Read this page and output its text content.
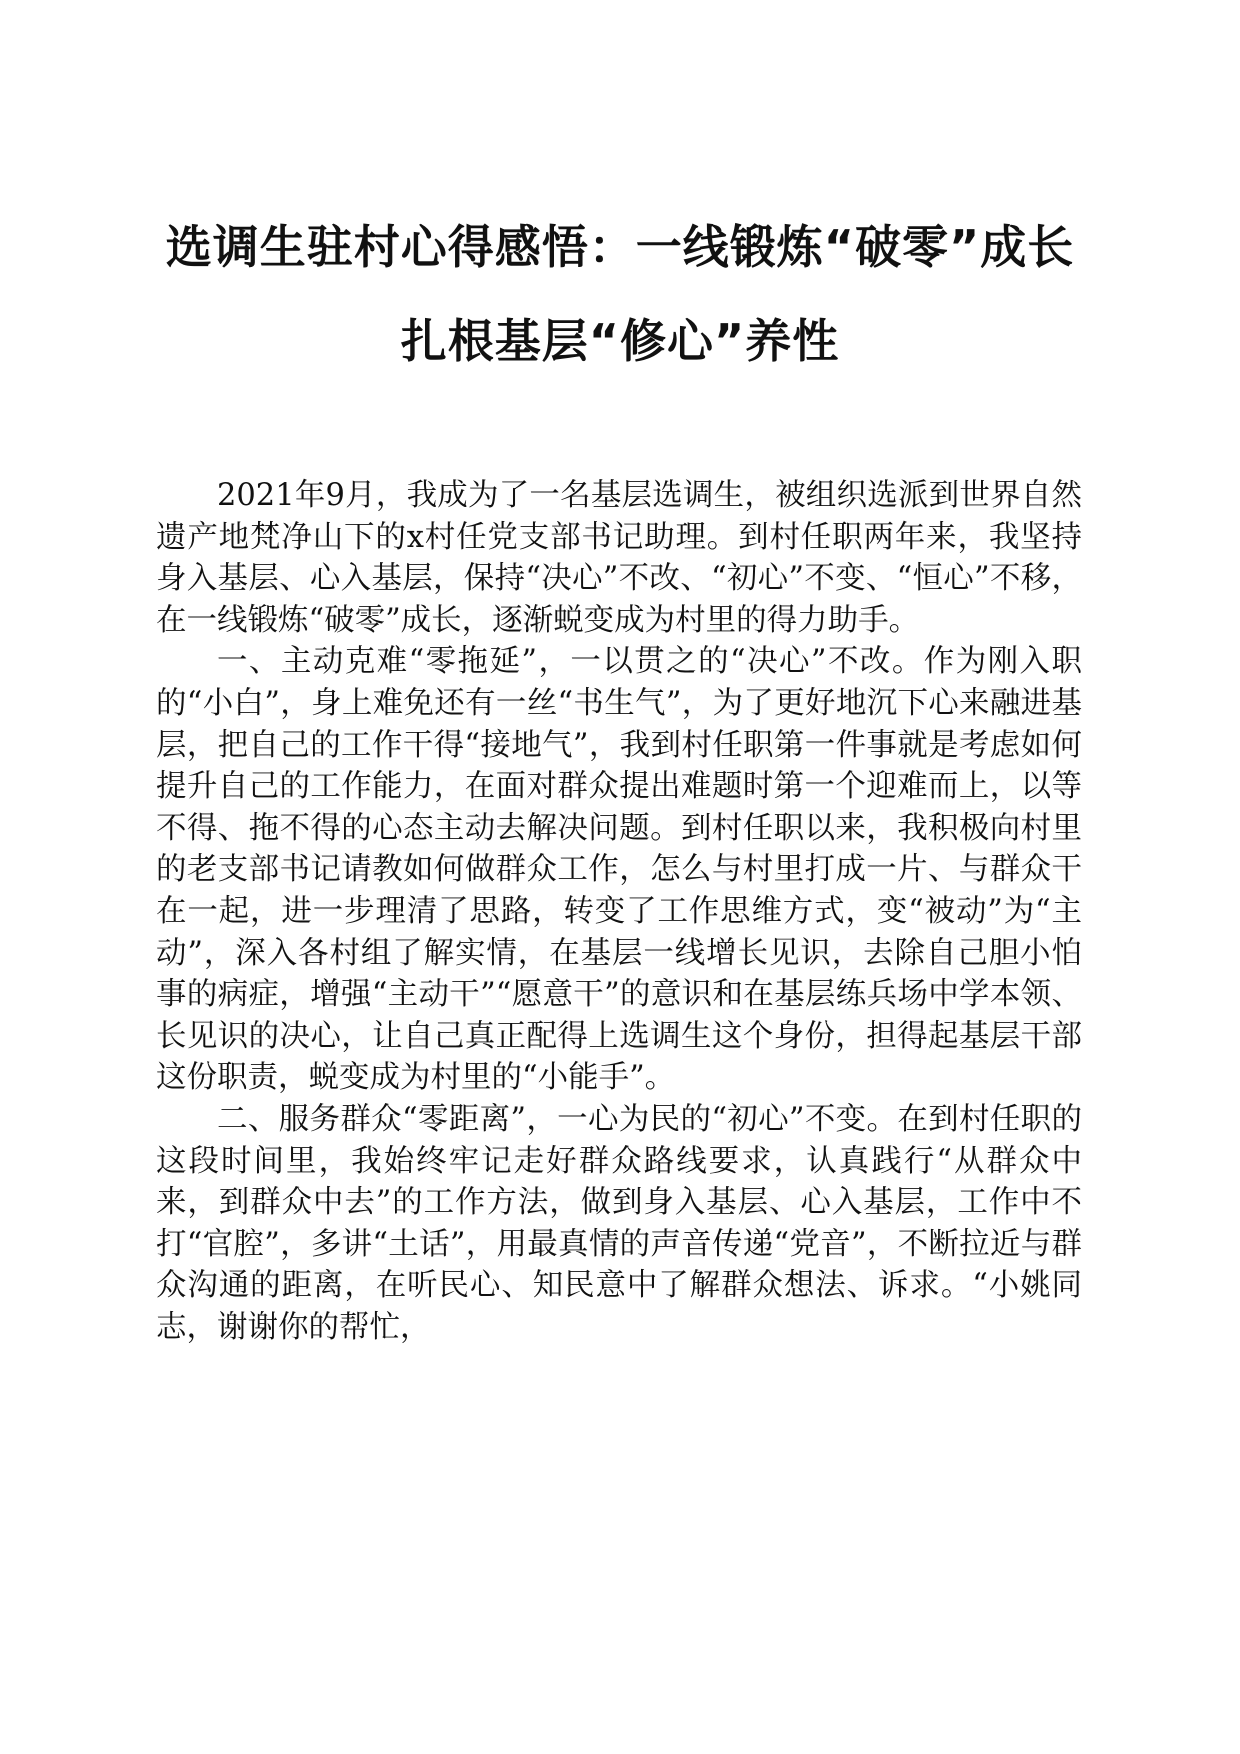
选调生驻村心得感悟：一线锻炼“破零”成长
扎根基层“修心”养性

2021年9月，我成为了一名基层选调生，被组织选派到世界自然遗产地梵净山下的x村任党支部书记助理。到村任职两年来，我坚持身入基层、心入基层，保持“决心”不改、“初心”不变、“恒心”不移，在一线锻炼“破零”成长，逐渐蜕变成为村里的得力助手。

一、主动克难“零拖延”，一以贯之的“决心”不改。作为刚入职的“小白”，身上难免还有一丝“书生气”，为了更好地沉下心来融进基层，把自己的工作干得“接地气”，我到村任职第一件事就是考虑如何提升自己的工作能力，在面对群众提出难题时第一个迎难而上，以等不得、拖不得的心态主动去解决问题。到村任职以来，我积极向村里的老支部书记请教如何做群众工作，怎么与村里打成一片、与群众干在一起，进一步理清了思路，转变了工作思维方式，变“被动”为“主动”，深入各村组了解实情，在基层一线增长见识，去除自己胆小怕事的病症，增强“主动干”“愿意干”的意识和在基层练兵场中学本领、长见识的决心，让自己真正配得上选调生这个身份，担得起基层干部这份职责，蜕变成为村里的“小能手”。

二、服务群众“零距离”，一心为民的“初心”不变。在到村任职的这段时间里，我始终牢记走好群众路线要求，认真践行“从群众中来，到群众中去”的工作方法，做到身入基层、心入基层，工作中不打“官腔”，多讲“土话”，用最真情的声音传递“党音”，不断拉近与群众沟通的距离，在听民心、知民意中了解群众想法、诉求。“小姚同志，谢谢你的帮忙，
